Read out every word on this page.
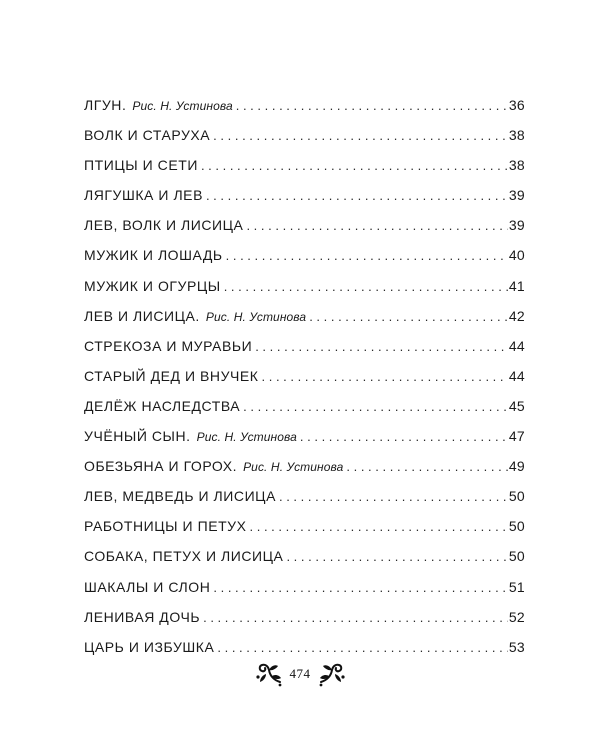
ЛГУН. Рис. Н. Устинова . . .	36
ВОЛК И СТАРУХА . . .	38
ПТИЦЫ И СЕТИ . . .	38
ЛЯГУШКА И ЛЕВ . . .	39
ЛЕВ, ВОЛК И ЛИСИЦА . . .	39
МУЖИК И ЛОШАДЬ . . .	40
МУЖИК И ОГУРЦЫ . . .	41
ЛЕВ И ЛИСИЦА. Рис. Н. Устинова . . .	42
СТРЕКОЗА И МУРАВЬИ . . .	44
СТАРЫЙ ДЕД И ВНУЧЕК . . .	44
ДЕЛЁЖ НАСЛЕДСТВА . . .	45
УЧЁНЫЙ СЫН. Рис. Н. Устинова . . .	47
ОБЕЗЬЯНА И ГОРОХ. Рис. Н. Устинова . . .	49
ЛЕВ, МЕДВЕДЬ И ЛИСИЦА . . .	50
РАБОТНИЦЫ И ПЕТУХ . . .	50
СОБАКА, ПЕТУХ И ЛИСИЦА . . .	50
ШАКАЛЫ И СЛОН . . .	51
ЛЕНИВАЯ ДОЧЬ . . .	52
ЦАРЬ И ИЗБУШКА . . .	53
474
